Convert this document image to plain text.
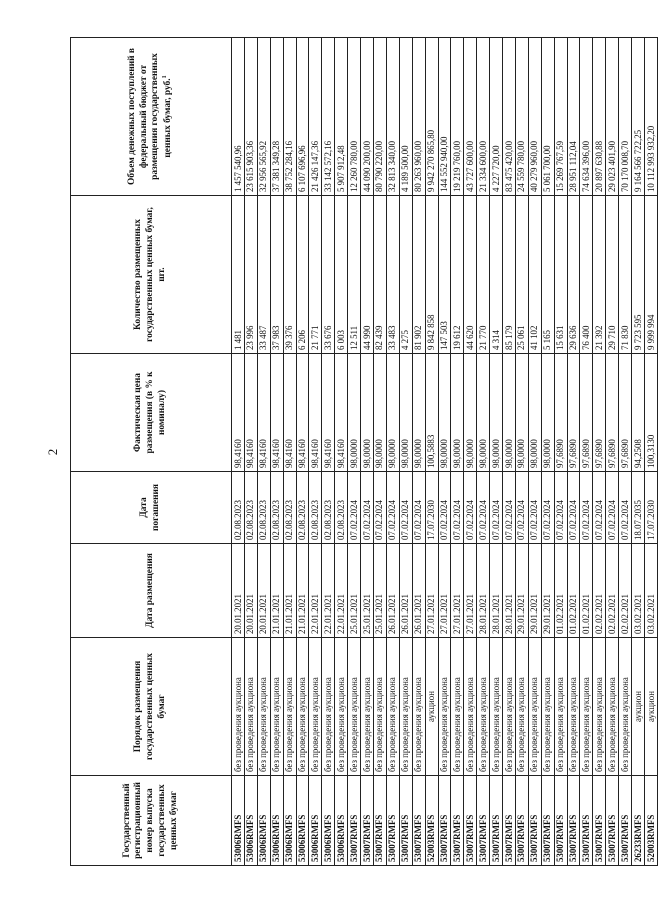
2
Государственный регистрационный номер выпуска государственных ценных бумаг	Порядок размещения государственных ценных бумаг	Дата размещения	Дата погашения	Фактическая цена размещения (в % к номиналу)	Количество размещенных государственных ценных бумаг, шт.	Объем денежных поступлений в федеральный бюджет от размещения государственных ценных бумаг, руб.$^1$
53006RMFS	без проведения аукциона	20.01.2021	02.08.2023	98,4160	1 481	1 457 540,96
53006RMFS	без проведения аукциона	20.01.2021	02.08.2023	98,4160	23 996	23 615 903,36
53006RMFS	без проведения аукциона	20.01.2021	02.08.2023	98,4160	33 487	32 956 565,92
53006RMFS	без проведения аукциона	21.01.2021	02.08.2023	98,4160	37 983	37 381 349,28
53006RMFS	без проведения аукциона	21.01.2021	02.08.2023	98,4160	39 376	38 752 284,16
53006RMFS	без проведения аукциона	21.01.2021	02.08.2023	98,4160	6 206	6 107 696,96
53006RMFS	без проведения аукциона	22.01.2021	02.08.2023	98,4160	21 771	21 426 147,36
53006RMFS	без проведения аукциона	22.01.2021	02.08.2023	98,4160	33 676	33 142 572,16
53006RMFS	без проведения аукциона	22.01.2021	02.08.2023	98,4160	6 003	5 907 912,48
53007RMFS	без проведения аукциона	25.01.2021	07.02.2024	98,0000	12 511	12 260 780,00
53007RMFS	без проведения аукциона	25.01.2021	07.02.2024	98,0000	44 990	44 090 200,00
53007RMFS	без проведения аукциона	25.01.2021	07.02.2024	98,0000	82 439	80 790 220,00
53007RMFS	без проведения аукциона	26.01.2021	07.02.2024	98,0000	33 483	32 813 340,00
53007RMFS	без проведения аукциона	26.01.2021	07.02.2024	98,0000	4 275	4 189 500,00
53007RMFS	без проведения аукциона	26.01.2021	07.02.2024	98,0000	81 902	80 263 960,00
52003RMFS	аукцион	27.01.2021	17.07.2030	100,5883	9 842 858	9 942 270 865,80
53007RMFS	без проведения аукциона	27.01.2021	07.02.2024	98,0000	147 503	144 552 940,00
53007RMFS	без проведения аукциона	27.01.2021	07.02.2024	98,0000	19 612	19 219 760,00
53007RMFS	без проведения аукциона	27.01.2021	07.02.2024	98,0000	44 620	43 727 600,00
53007RMFS	без проведения аукциона	28.01.2021	07.02.2024	98,0000	21 770	21 334 600,00
53007RMFS	без проведения аукциона	28.01.2021	07.02.2024	98,0000	4 314	4 227 720,00
53007RMFS	без проведения аукциона	28.01.2021	07.02.2024	98,0000	85 179	83 475 420,00
53007RMFS	без проведения аукциона	29.01.2021	07.02.2024	98,0000	25 061	24 559 780,00
53007RMFS	без проведения аукциона	29.01.2021	07.02.2024	98,0000	41 102	40 279 960,00
53007RMFS	без проведения аукциона	29.01.2021	07.02.2024	98,0000	5 165	5 061 700,00
53007RMFS	без проведения аукциона	01.02.2021	07.02.2024	97,6890	15 631	15 269 767,59
53007RMFS	без проведения аукциона	01.02.2021	07.02.2024	97,6890	29 636	28 951 112,04
53007RMFS	без проведения аукциона	01.02.2021	07.02.2024	97,6890	76 400	74 634 396,00
53007RMFS	без проведения аукциона	02.02.2021	07.02.2024	97,6890	21 392	20 897 630,88
53007RMFS	без проведения аукциона	02.02.2021	07.02.2024	97,6890	29 710	29 023 401,90
53007RMFS	без проведения аукциона	02.02.2021	07.02.2024	97,6890	71 830	70 170 008,70
26233RMFS	аукцион	03.02.2021	18.07.2035	94,2508	9 723 595	9 164 566 722,25
52003RMFS	аукцион	03.02.2021	17.07.2030	100,3130	9 999 994	10 112 993 932,20
